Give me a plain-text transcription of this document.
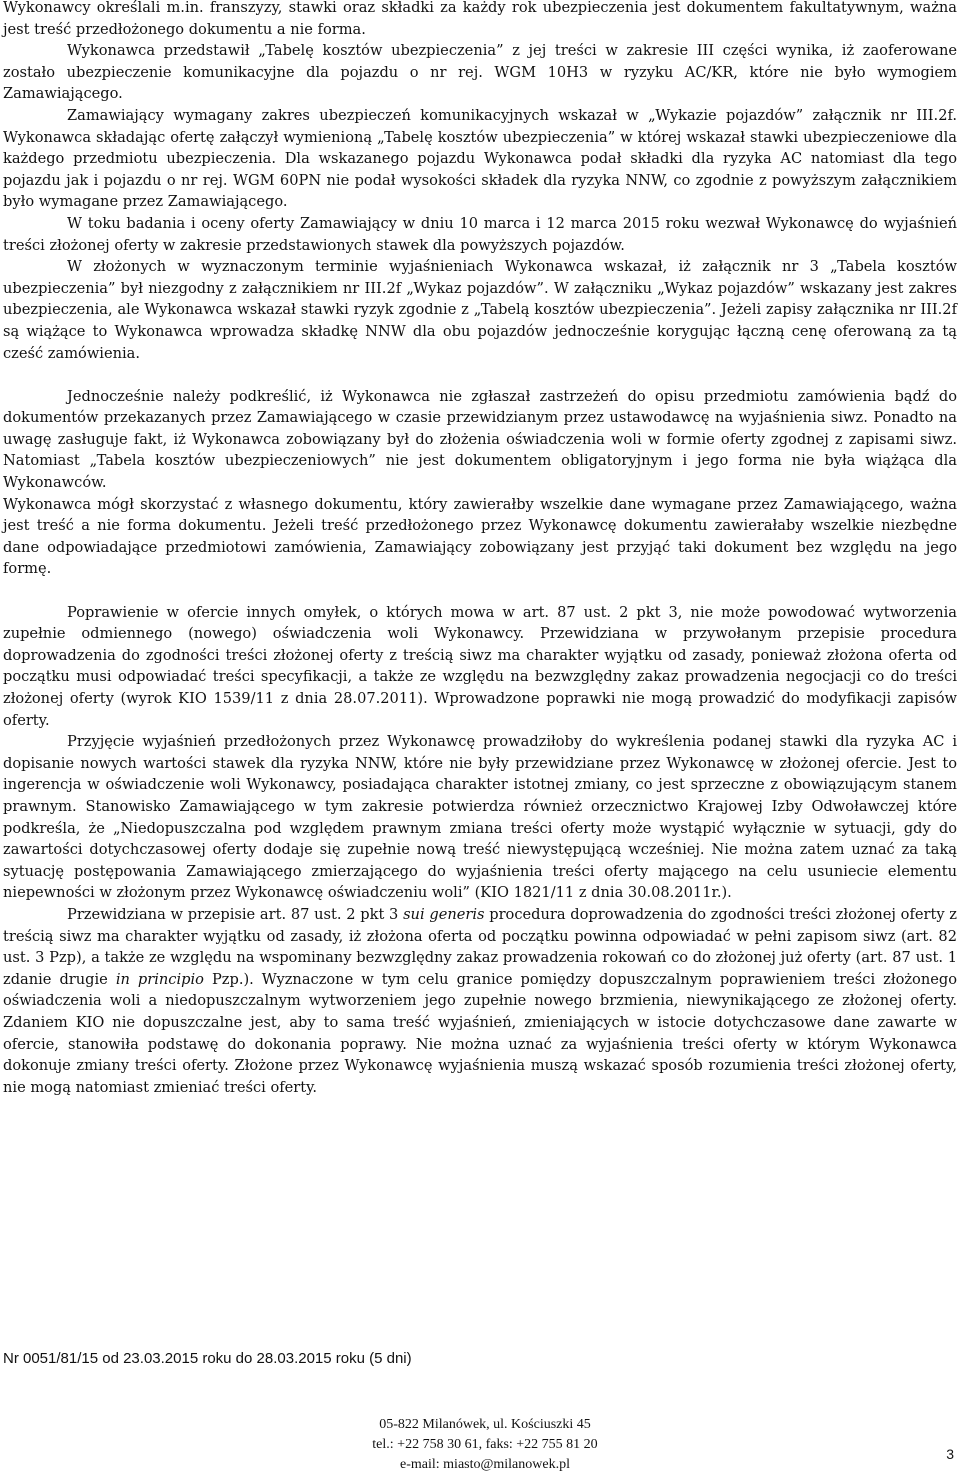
Wykonawcy określali m.in. franszyzy, stawki oraz składki za każdy rok ubezpieczenia jest dokumentem fakultatywnym, ważna jest treść przedłożonego dokumentu a nie forma.

Wykonawca przedstawił „Tabelę kosztów ubezpieczenia” z jej treści w zakresie III części wynika, iż zaoferowane zostało ubezpieczenie komunikacyjne dla pojazdu o nr rej. WGM 10H3 w ryzyku AC/KR, które nie było wymogiem Zamawiającego.

Zamawiający wymagany zakres ubezpieczeń komunikacyjnych wskazał w „Wykazie pojazdów” załącznik nr III.2f. Wykonawca składając ofertę załączył wymienioną „Tabelę kosztów ubezpieczenia” w której wskazał stawki ubezpieczeniowe dla każdego przedmiotu ubezpieczenia. Dla wskazanego pojazdu Wykonawca podał składki dla ryzyka AC natomiast dla tego pojazdu jak i pojazdu o nr rej. WGM 60PN nie podał wysokości składek dla ryzyka NNW, co zgodnie z powyższym załącznikiem było wymagane przez Zamawiającego.

W toku badania i oceny oferty Zamawiający w dniu 10 marca i 12 marca 2015 roku wezwał Wykonawcę do wyjaśnień treści złożonej oferty w zakresie przedstawionych stawek dla powyższych pojazdów.

W złożonych w wyznaczonym terminie wyjaśnieniach Wykonawca wskazał, iż załącznik nr 3 „Tabela kosztów ubezpieczenia” był niezgodny z załącznikiem nr III.2f „Wykaz pojazdów”. W załączniku „Wykaz pojazdów” wskazany jest zakres ubezpieczenia, ale Wykonawca wskazał stawki ryzyk zgodnie z „Tabelą kosztów ubezpieczenia”. Jeżeli zapisy załącznika nr III.2f są wiążące to Wykonawca wprowadza składkę NNW dla obu pojazdów jednocześnie korygując łączną cenę oferowaną za tą cześć zamówienia.

Jednocześnie należy podkreślić, iż Wykonawca nie zgłaszał zastrzeżeń do opisu przedmiotu zamówienia bądź do dokumentów przekazanych przez Zamawiającego w czasie przewidzianym przez ustawodawcę na wyjaśnienia siwz. Ponadto na uwagę zasługuje fakt, iż Wykonawca zobowiązany był do złożenia oświadczenia woli w formie oferty zgodnej z zapisami siwz. Natomiast „Tabela kosztów ubezpieczeniowych” nie jest dokumentem obligatoryjnym i jego forma nie była wiążąca dla Wykonawców.

Wykonawca mógł skorzystać z własnego dokumentu, który zawierałby wszelkie dane wymagane przez Zamawiającego, ważna jest treść a nie forma dokumentu. Jeżeli treść przedłożonego przez Wykonawcę dokumentu zawierałaby wszelkie niezbędne dane odpowiadające przedmiotowi zamówienia, Zamawiający zobowiązany jest przyjąć taki dokument bez względu na jego formę.

Poprawienie w ofercie innych omyłek, o których mowa w art. 87 ust. 2 pkt 3, nie może powodować wytworzenia zupełnie odmiennego (nowego) oświadczenia woli Wykonawcy. Przewidziana w przywołanym przepisie procedura doprowadzenia do zgodności treści złożonej oferty z treścią siwz ma charakter wyjątku od zasady, ponieważ złożona oferta od początku musi odpowiadać treści specyfikacji, a także ze względu na bezwzględny zakaz prowadzenia negocjacji co do treści złożonej oferty (wyrok KIO 1539/11 z dnia 28.07.2011). Wprowadzone poprawki nie mogą prowadzić do modyfikacji zapisów oferty.

Przyjęcie wyjaśnień przedłożonych przez Wykonawcę prowadziłoby do wykreślenia podanej stawki dla ryzyka AC i dopisanie nowych wartości stawek dla ryzyka NNW, które nie były przewidziane przez Wykonawcę w złożonej ofercie. Jest to ingerencja w oświadczenie woli Wykonawcy, posiadająca charakter istotnej zmiany, co jest sprzeczne z obowiązującym stanem prawnym. Stanowisko Zamawiającego w tym zakresie potwierdza również orzecznictwo Krajowej Izby Odwoławczej które podkreśla, że „Niedopuszczalna pod względem prawnym zmiana treści oferty może wystąpić wyłącznie w sytuacji, gdy do zawartości dotychczasowej oferty dodaje się zupełnie nową treść niewystępującą wcześniej. Nie można zatem uznać za taką sytuację postępowania Zamawiającego zmierzającego do wyjaśnienia treści oferty mającego na celu usuniecie elementu niepewności w złożonym przez Wykonawcę oświadczeniu woli” (KIO 1821/11 z dnia 30.08.2011r.).

Przewidziana w przepisie art. 87 ust. 2 pkt 3 sui generis procedura doprowadzenia do zgodności treści złożonej oferty z treścią siwz ma charakter wyjątku od zasady, iż złożona oferta od początku powinna odpowiadać w pełni zapisom siwz (art. 82 ust. 3 Pzp), a także ze względu na wspominany bezwzględny zakaz prowadzenia rokowań co do złożonej już oferty (art. 87 ust. 1 zdanie drugie in principio Pzp.). Wyznaczone w tym celu granice pomiędzy dopuszczalnym poprawieniem treści złożonego oświadczenia woli a niedopuszczalnym wytworzeniem jego zupełnie nowego brzmienia, niewynikającego ze złożonej oferty. Zdaniem KIO nie dopuszczalne jest, aby to sama treść wyjaśnień, zmieniających w istocie dotychczasowe dane zawarte w ofercie, stanowiła podstawę do dokonania poprawy. Nie można uznać za wyjaśnienia treści oferty w którym Wykonawca dokonuje zmiany treści oferty. Złożone przez Wykonawcę wyjaśnienia muszą wskazać sposób rozumienia treści złożonej oferty, nie mogą natomiast zmieniać treści oferty.

Nr 0051/81/15 od 23.03.2015 roku do 28.03.2015 roku (5 dni)
05-822 Milanówek, ul. Kościuszki 45
tel.: +22 758 30 61, faks: +22 755 81 20
e-mail: miasto@milanowek.pl
3
